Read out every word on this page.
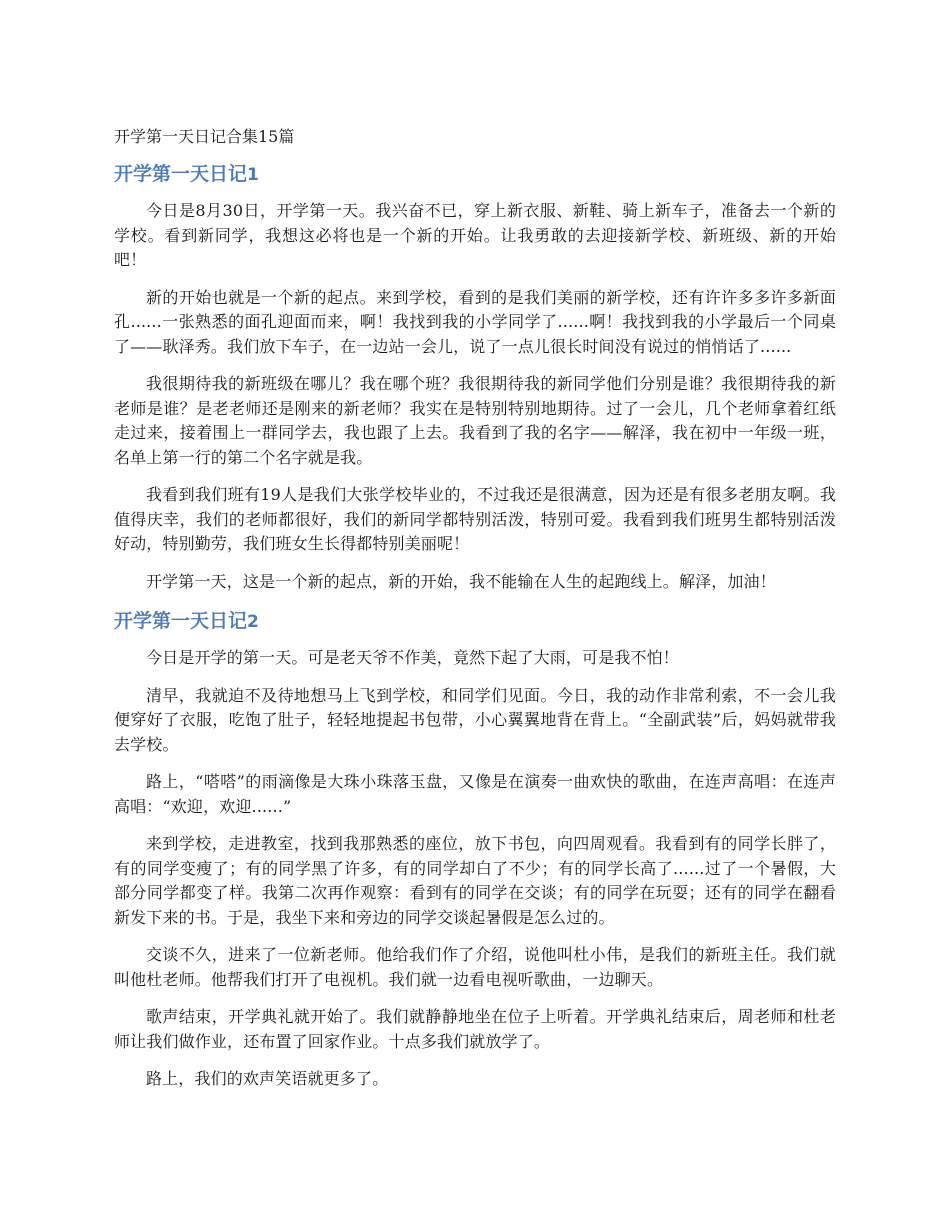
开学第一天日记合集15篇
开学第一天日记1

今日是8月30日，开学第一天。我兴奋不已，穿上新衣服、新鞋、骑上新车子，准备去一个新的学校。看到新同学，我想这必将也是一个新的开始。让我勇敢的去迎接新学校、新班级、新的开始吧！

新的开始也就是一个新的起点。来到学校，看到的是我们美丽的新学校，还有许许多多许多新面孔......一张熟悉的面孔迎面而来，啊！我找到我的小学同学了......啊！我找到我的小学最后一个同桌了——耿泽秀。我们放下车子，在一边站一会儿，说了一点儿很长时间没有说过的悄悄话了......

我很期待我的新班级在哪儿？我在哪个班？我很期待我的新同学他们分别是谁？我很期待我的新老师是谁？是老老师还是刚来的新老师？我实在是特别特别地期待。过了一会儿，几个老师拿着红纸走过来，接着围上一群同学去，我也跟了上去。我看到了我的名字——解泽，我在初中一年级一班，名单上第一行的第二个名字就是我。

我看到我们班有19人是我们大张学校毕业的，不过我还是很满意，因为还是有很多老朋友啊。我值得庆幸，我们的老师都很好，我们的新同学都特别活泼，特别可爱。我看到我们班男生都特别活泼好动，特别勤劳，我们班女生长得都特别美丽呢！

开学第一天，这是一个新的起点，新的开始，我不能输在人生的起跑线上。解泽，加油！

开学第一天日记2

今日是开学的第一天。可是老天爷不作美，竟然下起了大雨，可是我不怕！

清早，我就迫不及待地想马上飞到学校，和同学们见面。今日，我的动作非常利索，不一会儿我便穿好了衣服，吃饱了肚子，轻轻地提起书包带，小心翼翼地背在背上。“全副武装”后，妈妈就带我去学校。

路上，“嗒嗒”的雨滴像是大珠小珠落玉盘，又像是在演奏一曲欢快的歌曲，在连声高唱：在连声高唱：“欢迎，欢迎......”

来到学校，走进教室，找到我那熟悉的座位，放下书包，向四周观看。我看到有的同学长胖了，有的同学变瘦了；有的同学黑了许多，有的同学却白了不少；有的同学长高了......过了一个暑假，大部分同学都变了样。我第二次再作观察：看到有的同学在交谈；有的同学在玩耍；还有的同学在翻看新发下来的书。于是，我坐下来和旁边的同学交谈起暑假是怎么过的。

交谈不久，进来了一位新老师。他给我们作了介绍，说他叫杜小伟，是我们的新班主任。我们就叫他杜老师。他帮我们打开了电视机。我们就一边看电视听歌曲，一边聊天。

歌声结束，开学典礼就开始了。我们就静静地坐在位子上听着。开学典礼结束后，周老师和杜老师让我们做作业，还布置了回家作业。十点多我们就放学了。

路上，我们的欢声笑语就更多了。
